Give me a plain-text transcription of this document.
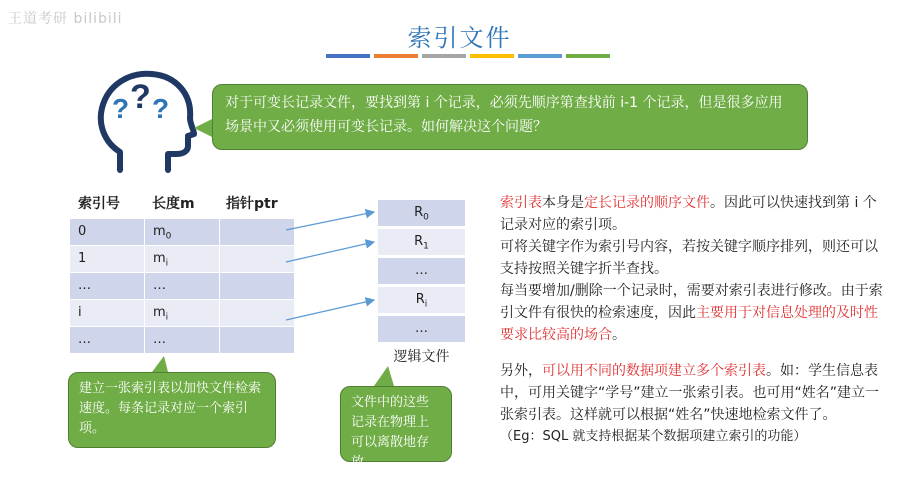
王道考研 bilibili
索引文件
? ? ?	对于可变长记录文件，要找到第 i 个记录，必须先顺序第查找前 i-1 个记录，但是很多应用场景中又必须使用可变长记录。如何解决这个问题？
索引号 长度m 指针ptr
0	$m_0$
1	$m_i$
…	…
i	$m_i$
…	…
$R_0$
$R_1$
…
$R_i$
…
逻辑文件
建立一张索引表以加快文件检索速度。每条记录对应一个索引项。
文件中的这些记录在物理上可以离散地存放。
索引表本身是定长记录的顺序文件。因此可以快速找到第 i 个记录对应的索引项。
可将关键字作为索引号内容，若按关键字顺序排列，则还可以支持按照关键字折半查找。
每当要增加/删除一个记录时，需要对索引表进行修改。由于索引文件有很快的检索速度，因此主要用于对信息处理的及时性要求比较高的场合。
另外，可以用不同的数据项建立多个索引表。如：学生信息表中，可用关键字“学号”建立一张索引表。也可用“姓名”建立一张索引表。这样就可以根据“姓名”快速地检索文件了。
（Eg：SQL 就支持根据某个数据项建立索引的功能）
